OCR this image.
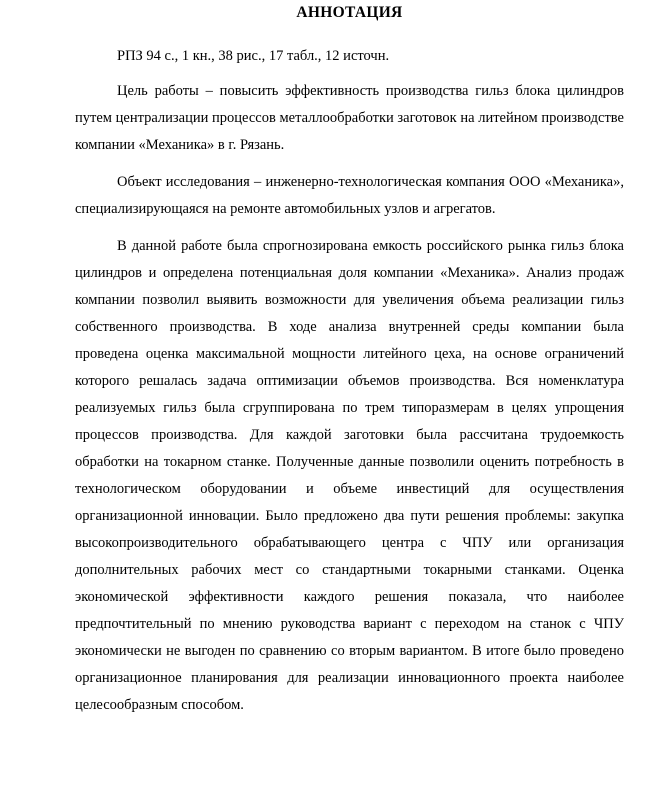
АННОТАЦИЯ

РПЗ 94 с., 1 кн., 38 рис., 17 табл., 12 источн.

Цель работы – повысить эффективность производства гильз блока цилиндров путем централизации процессов металлообработки заготовок на литейном производстве компании «Механика» в г. Рязань.

Объект исследования – инженерно-технологическая компания ООО «Механика», специализирующаяся на ремонте автомобильных узлов и агрегатов.

В данной работе была спрогнозирована емкость российского рынка гильз блока цилиндров и определена потенциальная доля компании «Механика». Анализ продаж компании позволил выявить возможности для увеличения объема реализации гильз собственного производства. В ходе анализа внутренней среды компании была проведена оценка максимальной мощности литейного цеха, на основе ограничений которого решалась задача оптимизации объемов производства. Вся номенклатура реализуемых гильз была сгруппирована по трем типоразмерам в целях упрощения процессов производства. Для каждой заготовки была рассчитана трудоемкость обработки на токарном станке. Полученные данные позволили оценить потребность в технологическом оборудовании и объеме инвестиций для осуществления организационной инновации. Было предложено два пути решения проблемы: закупка высокопроизводительного обрабатывающего центра с ЧПУ или организация дополнительных рабочих мест со стандартными токарными станками. Оценка экономической эффективности каждого решения показала, что наиболее предпочтительный по мнению руководства вариант с переходом на станок с ЧПУ экономически не выгоден по сравнению со вторым вариантом. В итоге было проведено организационное планирования для реализации инновационного проекта наиболее целесообразным способом.
